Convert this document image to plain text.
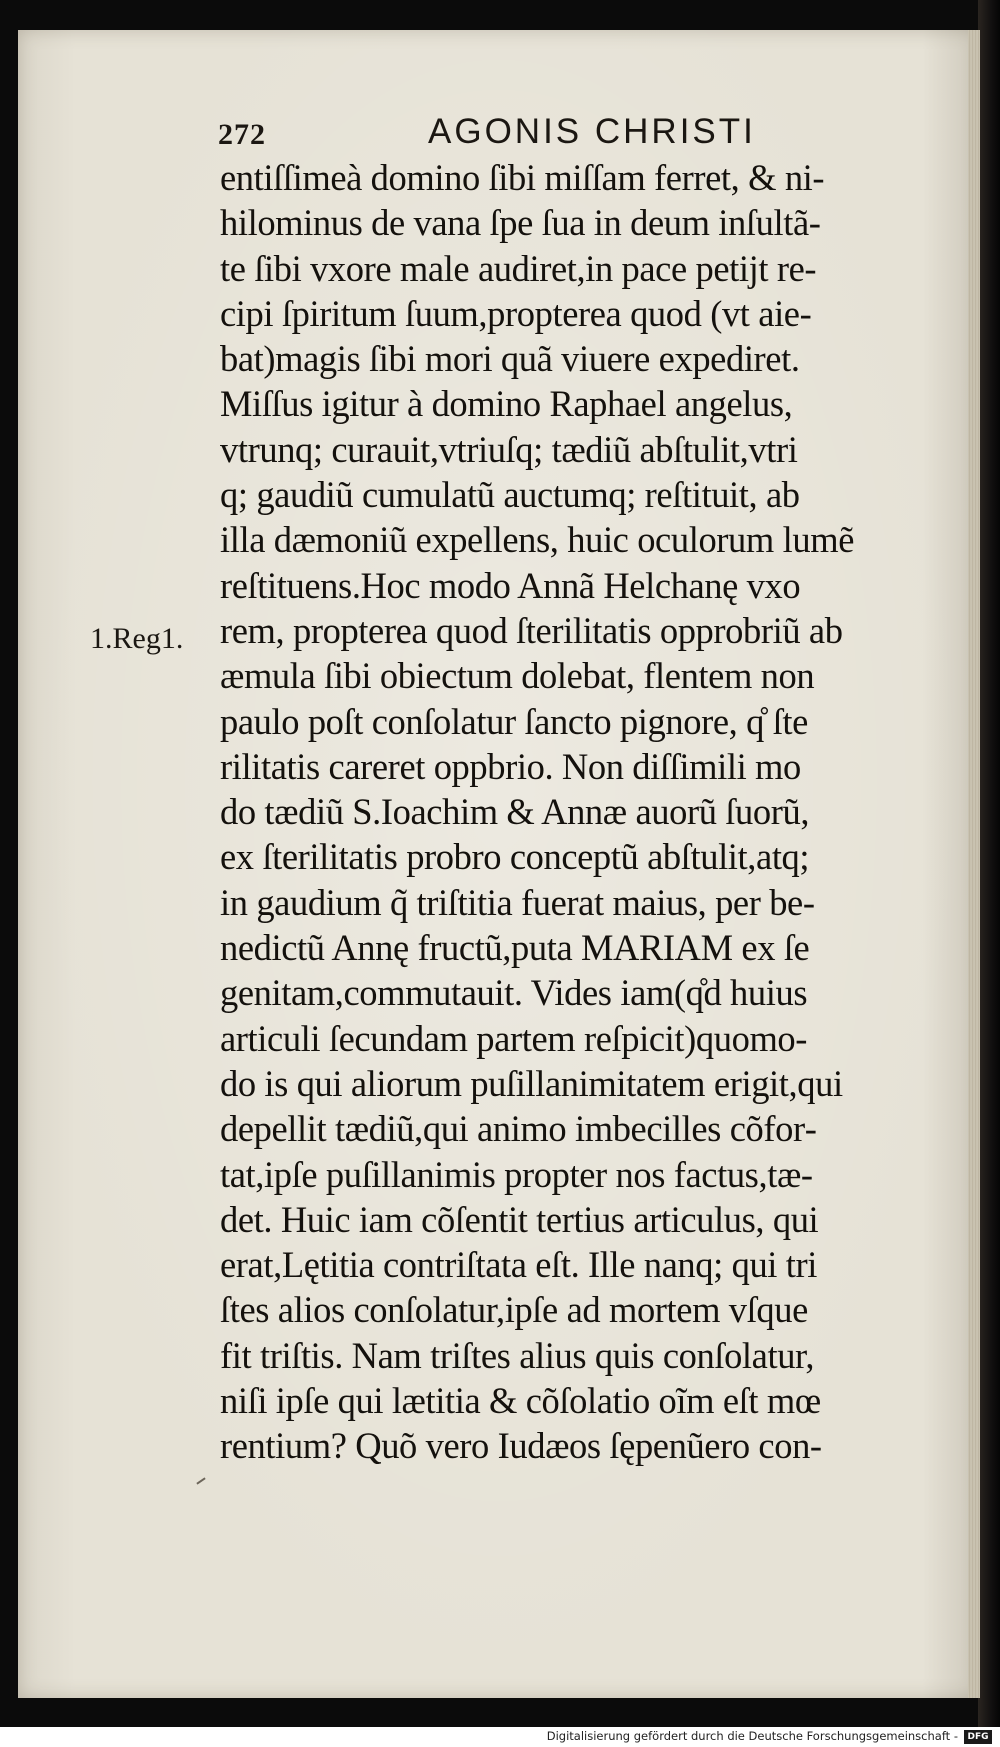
272	AGONIS CHRISTI
1.Reg1.
entiſſimeà domino ſibi miſſam ferret, & ni‑
hilominus de vana ſpe ſua in deum inſultã‑
te ſibi vxore male audiret,in pace petijt re‑
cipi ſpiritum ſuum,propterea quod (vt aie‑
bat)magis ſibi mori quã viuere expediret.
Miſſus igitur à domino Raphael angelus,
vtrunq; curauit,vtriuſq; tædiũ abſtulit,vtri
q; gaudiũ cumulatũ auctumq; reſtituit, ab
illa dæmoniũ expellens, huic oculorum lumẽ
reſtituens.Hoc modo Annã Helchanę vxo
rem, propterea quod ſterilitatis opprobriũ ab
æmula ſibi obiectum dolebat, flentem non
paulo poſt conſolatur ſancto pignore, q̊ ſte
rilitatis careret oppbrio. Non diſſimili mo
do tædiũ S.Ioachim & Annæ auorũ ſuorũ,
ex ſterilitatis probro conceptũ abſtulit,atq;
in gaudium q̃ triſtitia fuerat maius, per be‑
nedictũ Annę fructũ,puta MARIAM ex ſe
genitam,commutauit. Vides iam(q̊d huius
articuli ſecundam partem reſpicit)quomo‑
do is qui aliorum puſillanimitatem erigit,qui
depellit tædiũ,qui animo imbecilles cõfor‑
tat,ipſe puſillanimis propter nos factus,tæ‑
det. Huic iam cõſentit tertius articulus, qui
erat,Lętitia contriſtata eſt. Ille nanq; qui tri
ſtes alios conſolatur,ipſe ad mortem vſque
fit triſtis. Nam triſtes alius quis conſolatur,
niſi ipſe qui lætitia & cõſolatio oĩm eſt mœ
rentium? Quõ vero Iudæos ſępenũero con‑
Digitalisierung gefördert durch die Deutsche Forschungsgemeinschaft -	DFG
